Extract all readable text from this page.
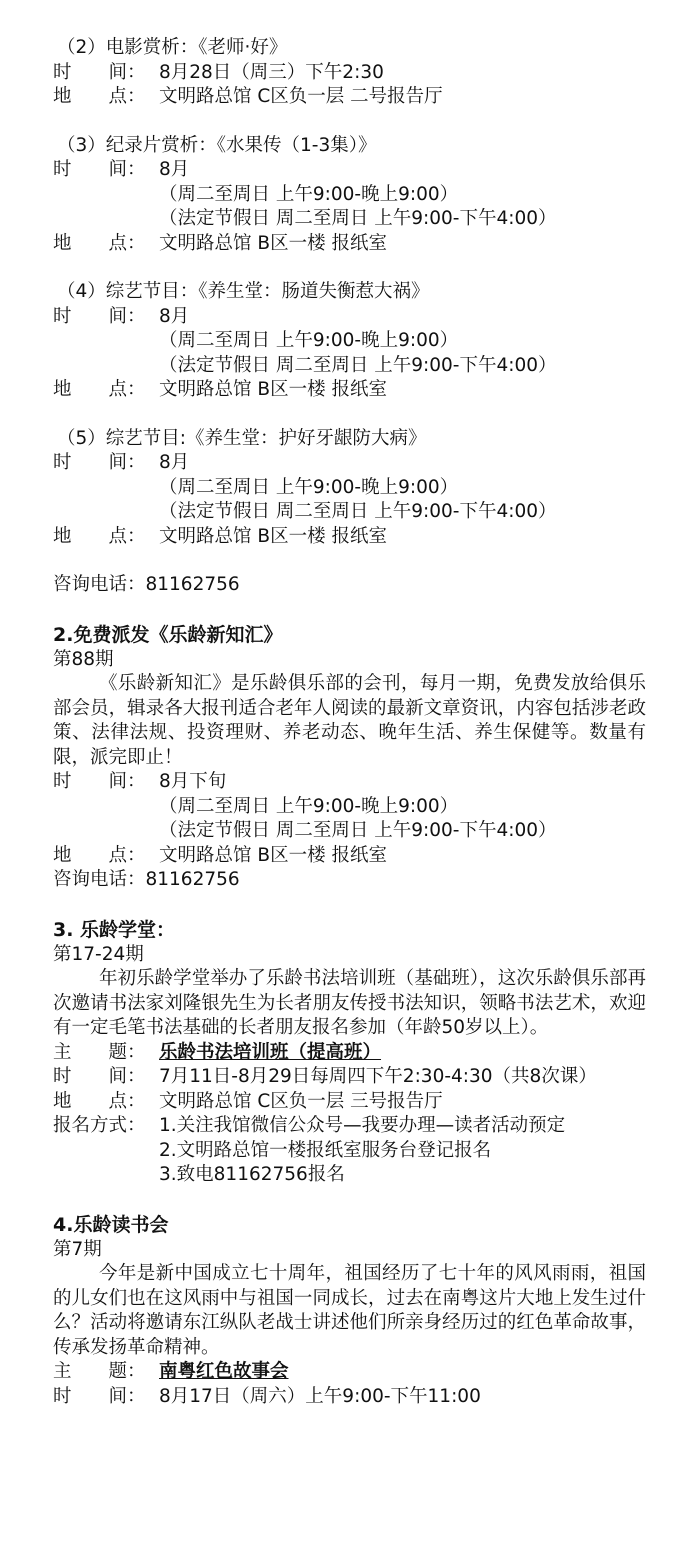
（2）电影赏析：《老师·好》
时　　间： 8月28日（周三）下午2:30
地　　点： 文明路总馆 C区负一层 二号报告厅
（3）纪录片赏析：《水果传（1-3集）》
时　　间： 8月
（周二至周日 上午9:00-晚上9:00）
（法定节假日 周二至周日 上午9:00-下午4:00）
地　　点： 文明路总馆 B区一楼 报纸室
（4）综艺节目：《养生堂：肠道失衡惹大祸》
时　　间： 8月
（周二至周日 上午9:00-晚上9:00）
（法定节假日 周二至周日 上午9:00-下午4:00）
地　　点： 文明路总馆 B区一楼 报纸室
（5）综艺节目:《养生堂：护好牙龈防大病》
时　　间： 8月
（周二至周日 上午9:00-晚上9:00）
（法定节假日 周二至周日 上午9:00-下午4:00）
地　　点： 文明路总馆 B区一楼 报纸室
咨询电话：81162756
2.免费派发《乐龄新知汇》
第88期
《乐龄新知汇》是乐龄俱乐部的会刊，每月一期，免费发放给俱乐部会员，辑录各大报刊适合老年人阅读的最新文章资讯，内容包括涉老政策、法律法规、投资理财、养老动态、晚年生活、养生保健等。数量有限，派完即止！
时　　间： 8月下旬
（周二至周日 上午9:00-晚上9:00）
（法定节假日 周二至周日 上午9:00-下午4:00）
地　　点： 文明路总馆 B区一楼 报纸室
咨询电话：81162756
3. 乐龄学堂：
第17-24期
年初乐龄学堂举办了乐龄书法培训班（基础班），这次乐龄俱乐部再次邀请书法家刘隆银先生为长者朋友传授书法知识，领略书法艺术，欢迎有一定毛笔书法基础的长者朋友报名参加（年龄50岁以上）。
主　　题： 乐龄书法培训班（提高班）
时　　间： 7月11日-8月29日每周四下午2:30-4:30（共8次课）
地　　点： 文明路总馆 C区负一层 三号报告厅
报名方式： 1.关注我馆微信公众号—我要办理—读者活动预定
2.文明路总馆一楼报纸室服务台登记报名
3.致电81162756报名
4.乐龄读书会
第7期
今年是新中国成立七十周年，祖国经历了七十年的风风雨雨，祖国的儿女们也在这风雨中与祖国一同成长，过去在南粤这片大地上发生过什么？活动将邀请东江纵队老战士讲述他们所亲身经历过的红色革命故事，传承发扬革命精神。
主　　题： 南粤红色故事会
时　　间： 8月17日（周六）上午9:00-下午11:00
